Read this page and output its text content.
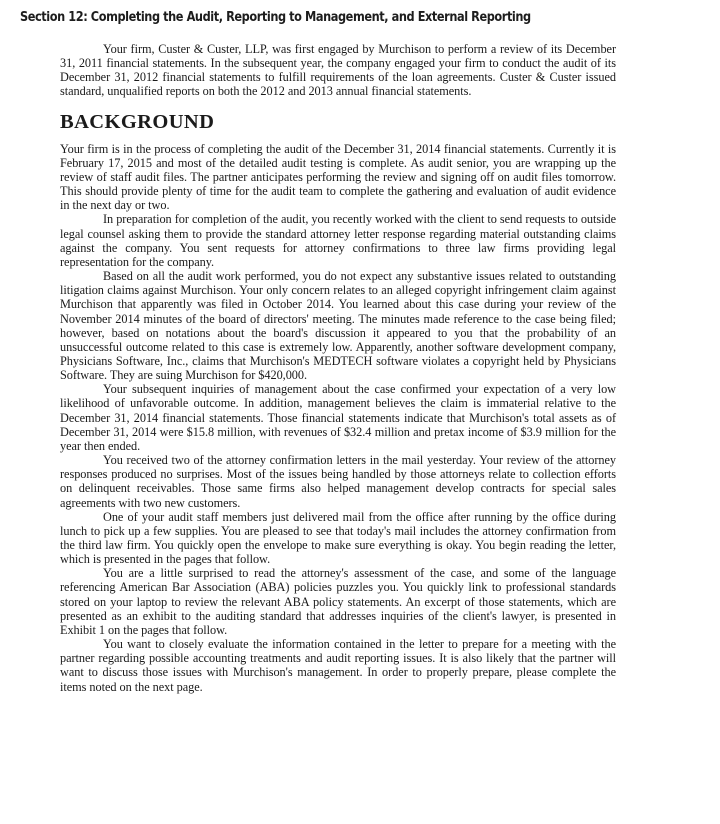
Section 12: Completing the Audit, Reporting to Management, and External Reporting

Your firm, Custer & Custer, LLP, was first engaged by Murchison to perform a review of its December 31, 2011 financial statements. In the subsequent year, the company engaged your firm to conduct the audit of its December 31, 2012 financial statements to fulfill requirements of the loan agreements. Custer & Custer issued standard, unqualified reports on both the 2012 and 2013 annual financial statements.

BACKGROUND

Your firm is in the process of completing the audit of the December 31, 2014 financial statements. Currently it is February 17, 2015 and most of the detailed audit testing is complete. As audit senior, you are wrapping up the review of staff audit files. The partner anticipates performing the review and signing off on audit files tomorrow. This should provide plenty of time for the audit team to complete the gathering and evaluation of audit evidence in the next day or two.

In preparation for completion of the audit, you recently worked with the client to send requests to outside legal counsel asking them to provide the standard attorney letter response regarding material outstanding claims against the company. You sent requests for attorney confirmations to three law firms providing legal representation for the company.

Based on all the audit work performed, you do not expect any substantive issues related to outstanding litigation claims against Murchison. Your only concern relates to an alleged copyright infringement claim against Murchison that apparently was filed in October 2014. You learned about this case during your review of the November 2014 minutes of the board of directors' meeting. The minutes made reference to the case being filed; however, based on notations about the board's discussion it appeared to you that the probability of an unsuccessful outcome related to this case is extremely low. Apparently, another software development company, Physicians Software, Inc., claims that Murchison's MEDTECH software violates a copyright held by Physicians Software. They are suing Murchison for $420,000.

Your subsequent inquiries of management about the case confirmed your expectation of a very low likelihood of unfavorable outcome. In addition, management believes the claim is immaterial relative to the December 31, 2014 financial statements. Those financial statements indicate that Murchison's total assets as of December 31, 2014 were $15.8 million, with revenues of $32.4 million and pretax income of $3.9 million for the year then ended.

You received two of the attorney confirmation letters in the mail yesterday. Your review of the attorney responses produced no surprises. Most of the issues being handled by those attorneys relate to collection efforts on delinquent receivables. Those same firms also helped management develop contracts for special sales agreements with two new customers.

One of your audit staff members just delivered mail from the office after running by the office during lunch to pick up a few supplies. You are pleased to see that today's mail includes the attorney confirmation from the third law firm. You quickly open the envelope to make sure everything is okay. You begin reading the letter, which is presented in the pages that follow.

You are a little surprised to read the attorney's assessment of the case, and some of the language referencing American Bar Association (ABA) policies puzzles you. You quickly link to professional standards stored on your laptop to review the relevant ABA policy statements. An excerpt of those statements, which are presented as an exhibit to the auditing standard that addresses inquiries of the client's lawyer, is presented in Exhibit 1 on the pages that follow.

You want to closely evaluate the information contained in the letter to prepare for a meeting with the partner regarding possible accounting treatments and audit reporting issues. It is also likely that the partner will want to discuss those issues with Murchison's management. In order to properly prepare, please complete the items noted on the next page.
